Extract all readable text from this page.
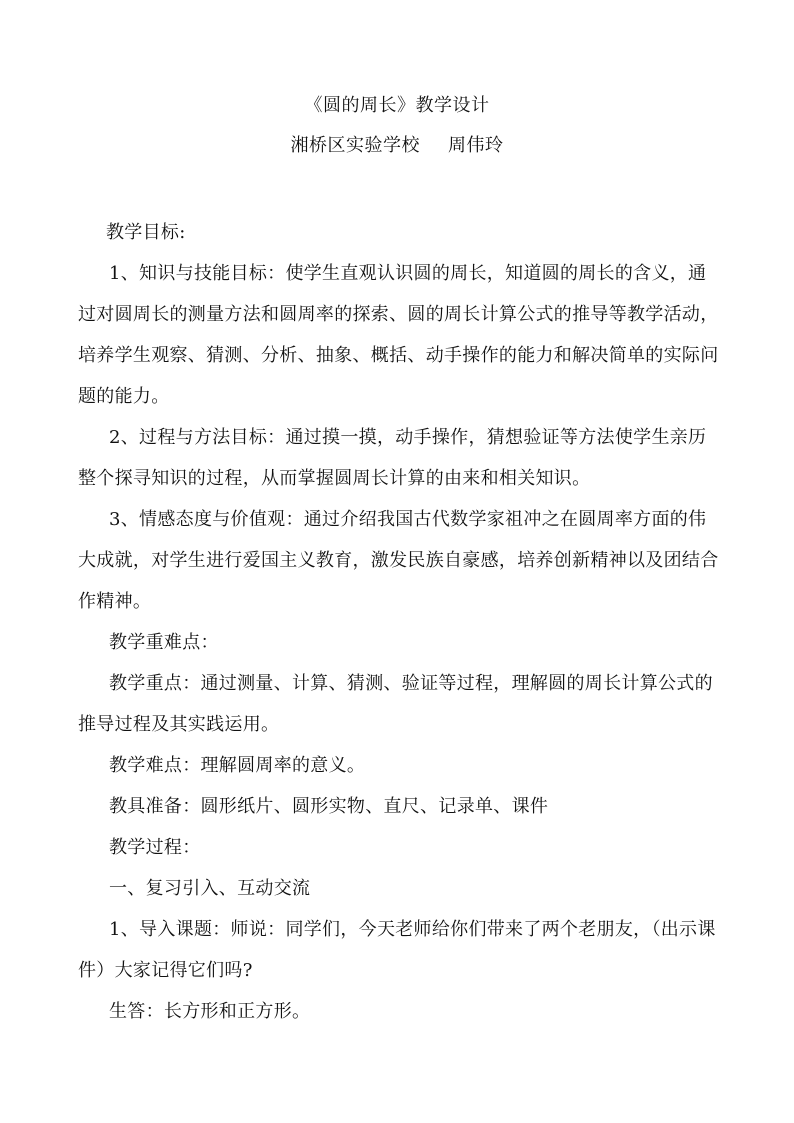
《圆的周长》教学设计
湘桥区实验学校 周伟玲

教学目标:

1、知识与技能目标：使学生直观认识圆的周长，知道圆的周长的含义，通过对圆周长的测量方法和圆周率的探索、圆的周长计算公式的推导等教学活动，培养学生观察、猜测、分析、抽象、概括、动手操作的能力和解决简单的实际问题的能力。

2、过程与方法目标：通过摸一摸，动手操作，猜想验证等方法使学生亲历整个探寻知识的过程，从而掌握圆周长计算的由来和相关知识。

3、情感态度与价值观：通过介绍我国古代数学家祖冲之在圆周率方面的伟大成就，对学生进行爱国主义教育，激发民族自豪感，培养创新精神以及团结合作精神。

教学重难点：

教学重点：通过测量、计算、猜测、验证等过程，理解圆的周长计算公式的推导过程及其实践运用。

教学难点：理解圆周率的意义。

教具准备：圆形纸片、圆形实物、直尺、记录单、课件

教学过程：

一、复习引入、互动交流

1、导入课题：师说：同学们，今天老师给你们带来了两个老朋友，（出示课件）大家记得它们吗?

生答：长方形和正方形。
